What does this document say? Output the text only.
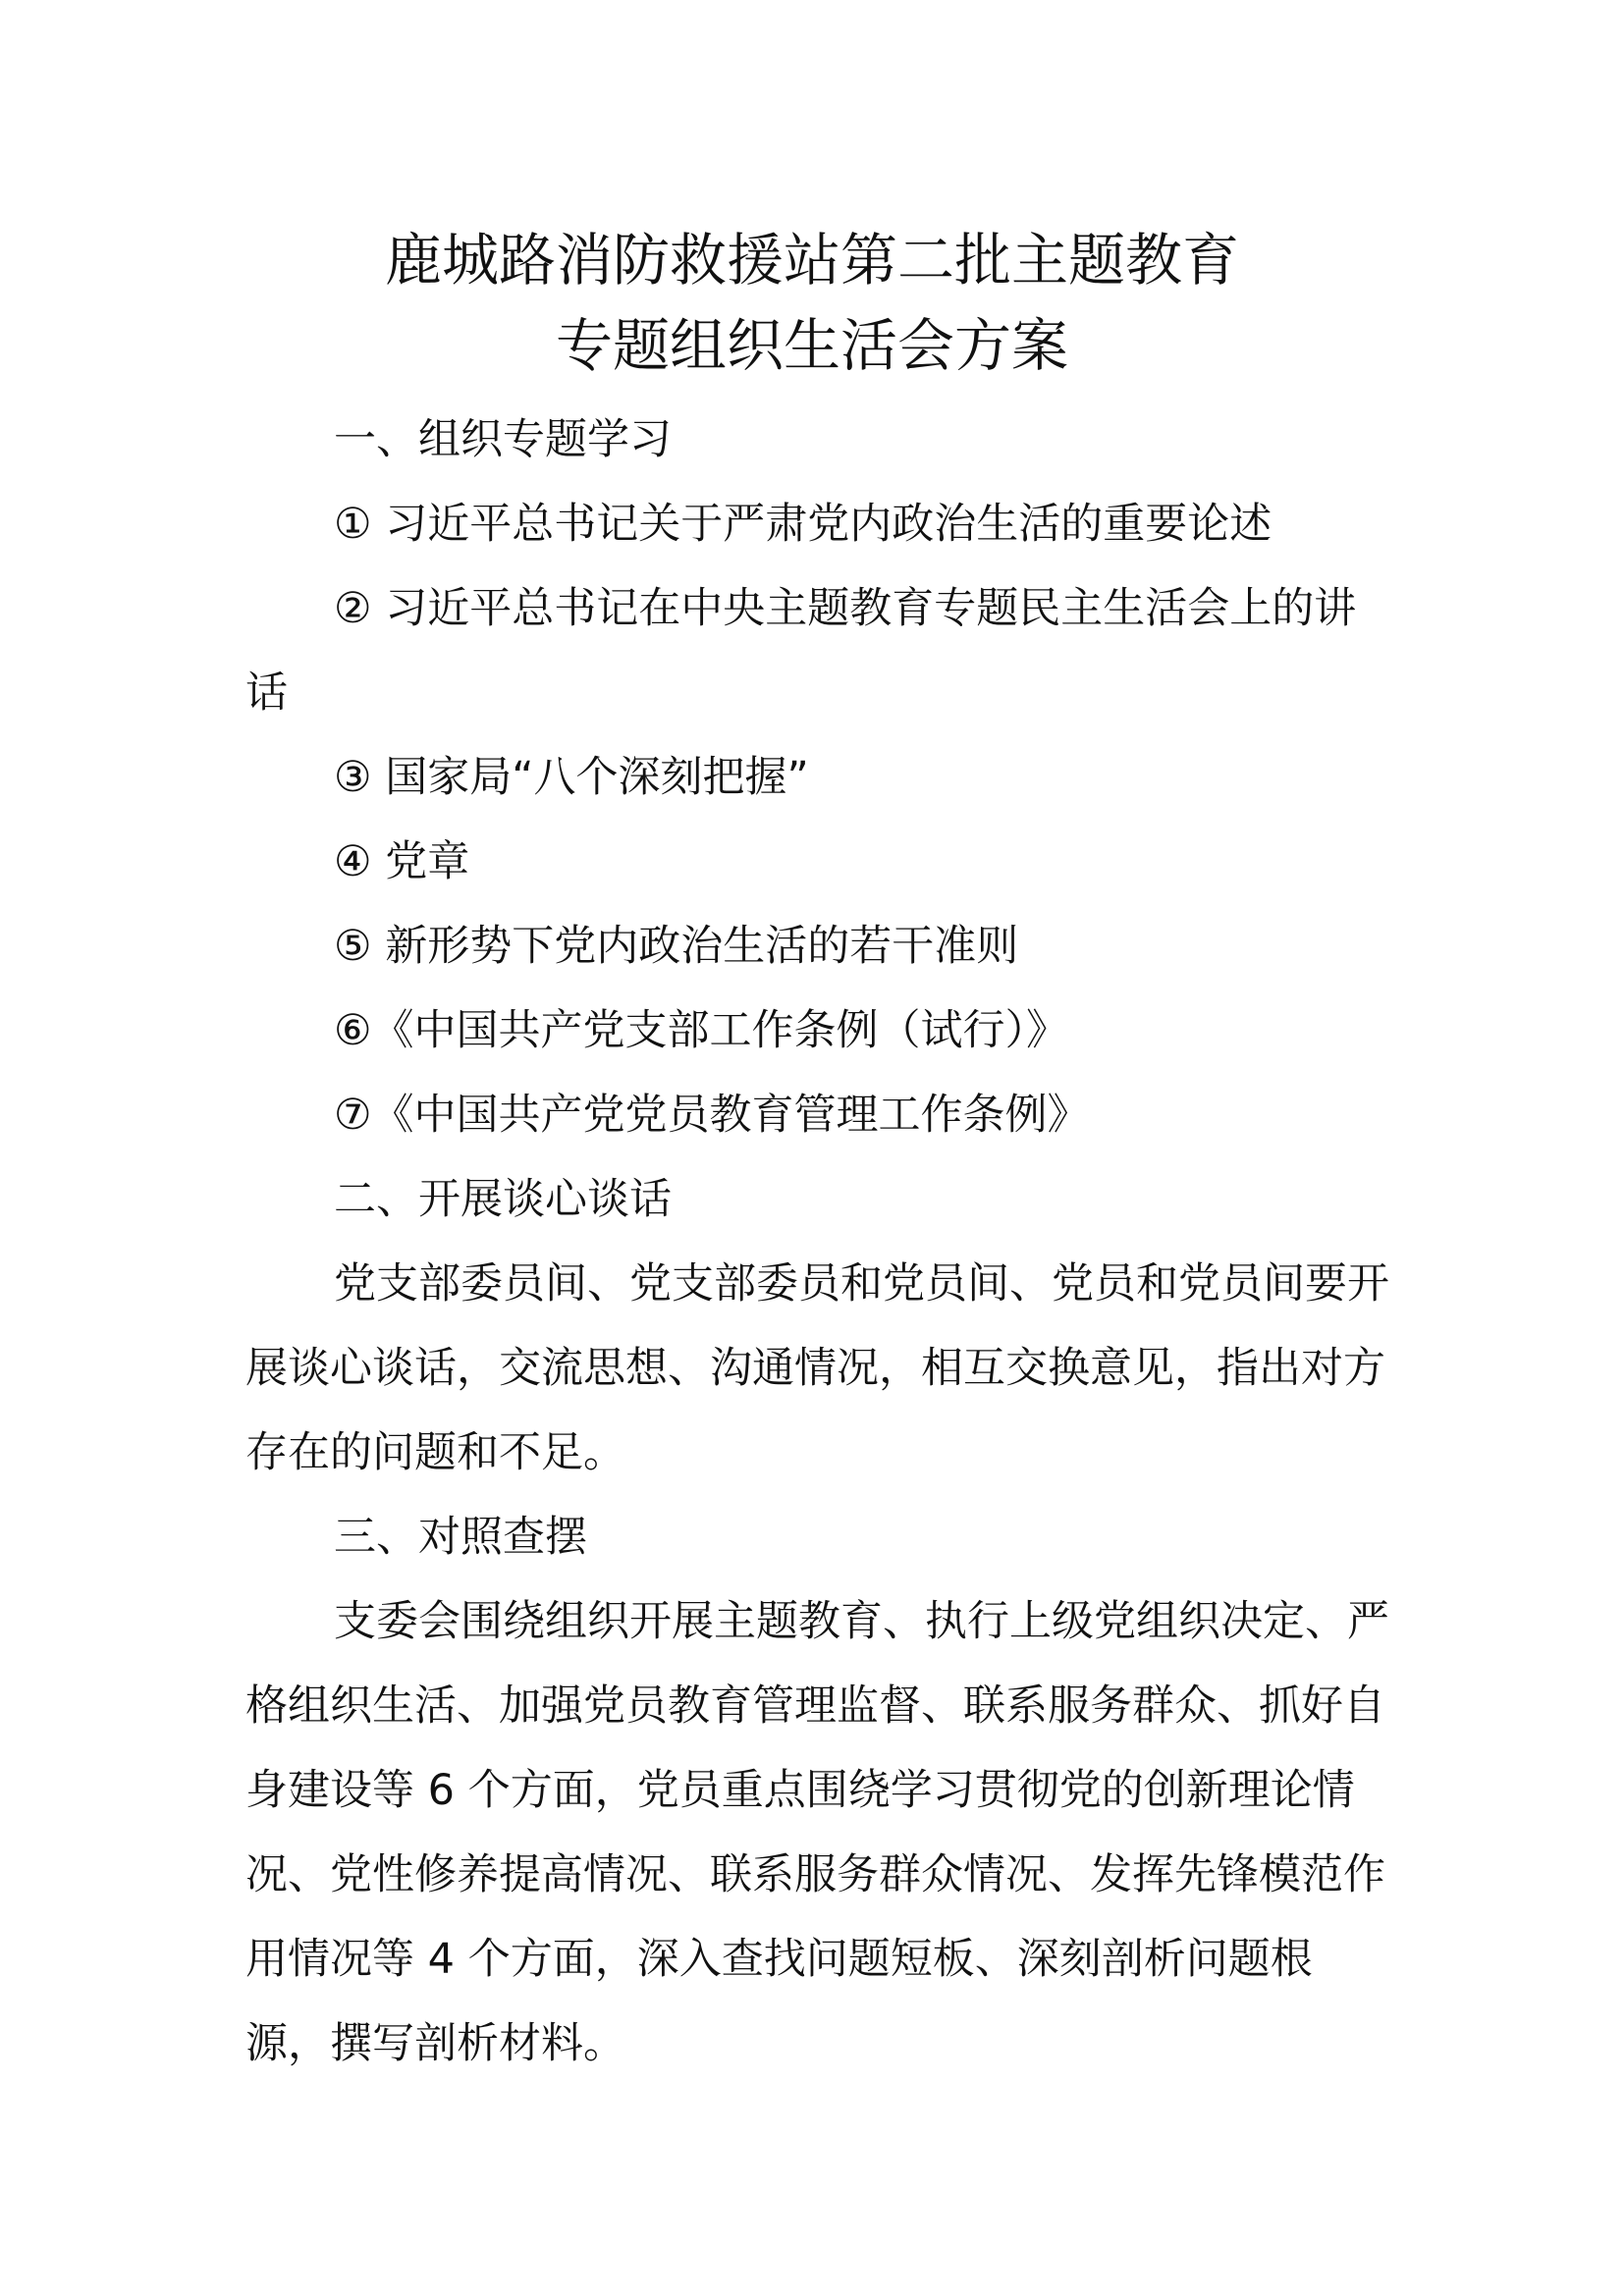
鹿城路消防救援站第二批主题教育
专题组织生活会方案

一、组织专题学习

① 习近平总书记关于严肃党内政治生活的重要论述

② 习近平总书记在中央主题教育专题民主生活会上的讲话

③ 国家局“八个深刻把握”

④ 党章

⑤ 新形势下党内政治生活的若干准则

⑥《中国共产党支部工作条例（试行）》

⑦《中国共产党党员教育管理工作条例》

二、开展谈心谈话

党支部委员间、党支部委员和党员间、党员和党员间要开展谈心谈话，交流思想、沟通情况，相互交换意见，指出对方存在的问题和不足。

三、对照查摆

支委会围绕组织开展主题教育、执行上级党组织决定、严格组织生活、加强党员教育管理监督、联系服务群众、抓好自身建设等 6 个方面，党员重点围绕学习贯彻党的创新理论情况、党性修养提高情况、联系服务群众情况、发挥先锋模范作用情况等 4 个方面，深入查找问题短板、深刻剖析问题根源，撰写剖析材料。
